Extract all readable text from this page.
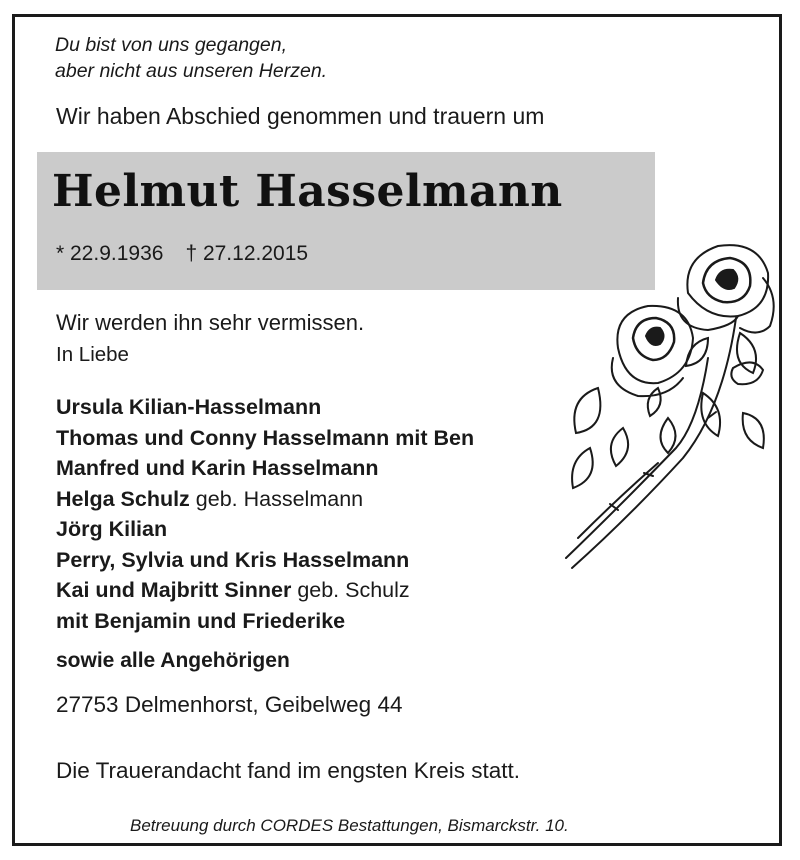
Du bist von uns gegangen,
aber nicht aus unseren Herzen.
Wir haben Abschied genommen und trauern um
Helmut Hasselmann
* 22.9.1936 † 27.12.2015
Wir werden ihn sehr vermissen.
In Liebe
Ursula Kilian-Hasselmann
Thomas und Conny Hasselmann mit Ben
Manfred und Karin Hasselmann
Helga Schulz geb. Hasselmann
Jörg Kilian
Perry, Sylvia und Kris Hasselmann
Kai und Majbritt Sinner geb. Schulz
mit Benjamin und Friederike
sowie alle Angehörigen
27753 Delmenhorst, Geibelweg 44
Die Trauerandacht fand im engsten Kreis statt.
Betreuung durch CORDES Bestattungen, Bismarckstr. 10.
